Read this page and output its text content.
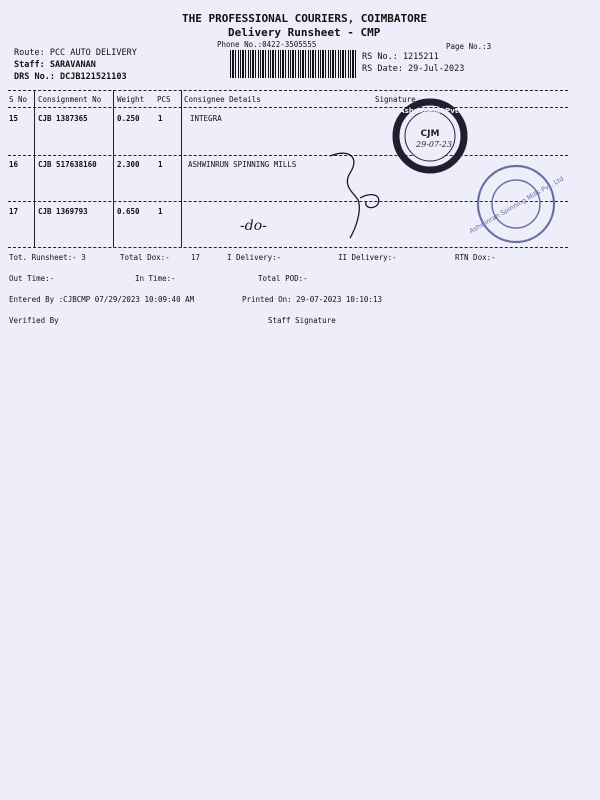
THE PROFESSIONAL COURIERS, COIMBATORE
Delivery Runsheet - CMP
Phone No.:0422-3505555	Page No.:3
Route: PCC AUTO DELIVERY
Staff: SARAVANAN
DRS No.: DCJB121521103
RS No.: 1215211
RS Date: 29-Jul-2023
S No Consignment No Weight PCS Consignee Details	Signature
15	CJB 1387365	0.250 1	INTEGRA
16	CJB 517638160	2.300 1	ASHWINRUN SPINNING MILLS
17	CJB 1369793	0.650 1
-do-
Ashmolean Pvt.
CJM
29-07-23
Ashwinran Spinning Mills Pvt. Ltd
Tot. Runsheet:- 3	Total Dox:-	17	I Delivery:-	II Delivery:-	RTN Dox:-
Out Time:-	In Time:-	Total POD:-
Entered By :CJBCMP 07/29/2023 10:09:40 AM	Printed On: 29-07-2023 10:10:13
Verified By	Staff Signature
